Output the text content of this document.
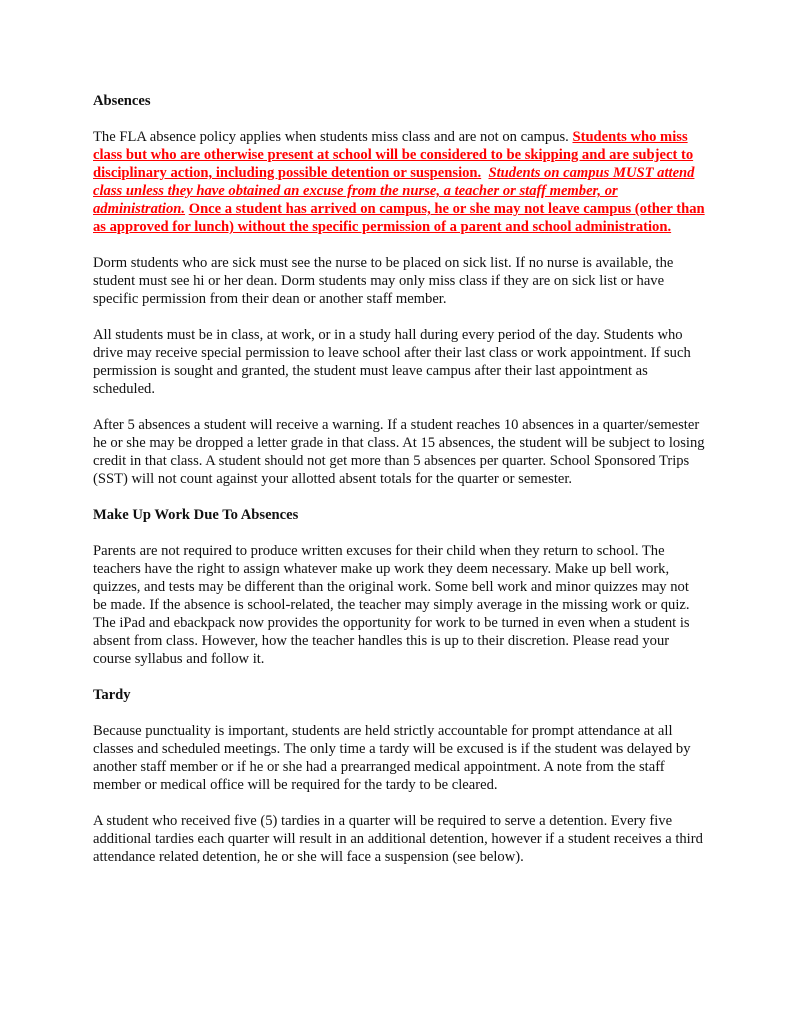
Absences

The FLA absence policy applies when students miss class and are not on campus. Students who miss class but who are otherwise present at school will be considered to be skipping and are subject to disciplinary action, including possible detention or suspension. Students on campus MUST attend class unless they have obtained an excuse from the nurse, a teacher or staff member, or administration. Once a student has arrived on campus, he or she may not leave campus (other than as approved for lunch) without the specific permission of a parent and school administration.

Dorm students who are sick must see the nurse to be placed on sick list. If no nurse is available, the student must see hi or her dean. Dorm students may only miss class if they are on sick list or have specific permission from their dean or another staff member.

All students must be in class, at work, or in a study hall during every period of the day. Students who drive may receive special permission to leave school after their last class or work appointment. If such permission is sought and granted, the student must leave campus after their last appointment as scheduled.

After 5 absences a student will receive a warning. If a student reaches 10 absences in a quarter/semester he or she may be dropped a letter grade in that class. At 15 absences, the student will be subject to losing credit in that class. A student should not get more than 5 absences per quarter. School Sponsored Trips (SST) will not count against your allotted absent totals for the quarter or semester.

Make Up Work Due To Absences

Parents are not required to produce written excuses for their child when they return to school. The teachers have the right to assign whatever make up work they deem necessary. Make up bell work, quizzes, and tests may be different than the original work. Some bell work and minor quizzes may not be made. If the absence is school-related, the teacher may simply average in the missing work or quiz. The iPad and ebackpack now provides the opportunity for work to be turned in even when a student is absent from class. However, how the teacher handles this is up to their discretion. Please read your course syllabus and follow it.

Tardy

Because punctuality is important, students are held strictly accountable for prompt attendance at all classes and scheduled meetings. The only time a tardy will be excused is if the student was delayed by another staff member or if he or she had a prearranged medical appointment. A note from the staff member or medical office will be required for the tardy to be cleared.

A student who received five (5) tardies in a quarter will be required to serve a detention. Every five additional tardies each quarter will result in an additional detention, however if a student receives a third attendance related detention, he or she will face a suspension (see below).
